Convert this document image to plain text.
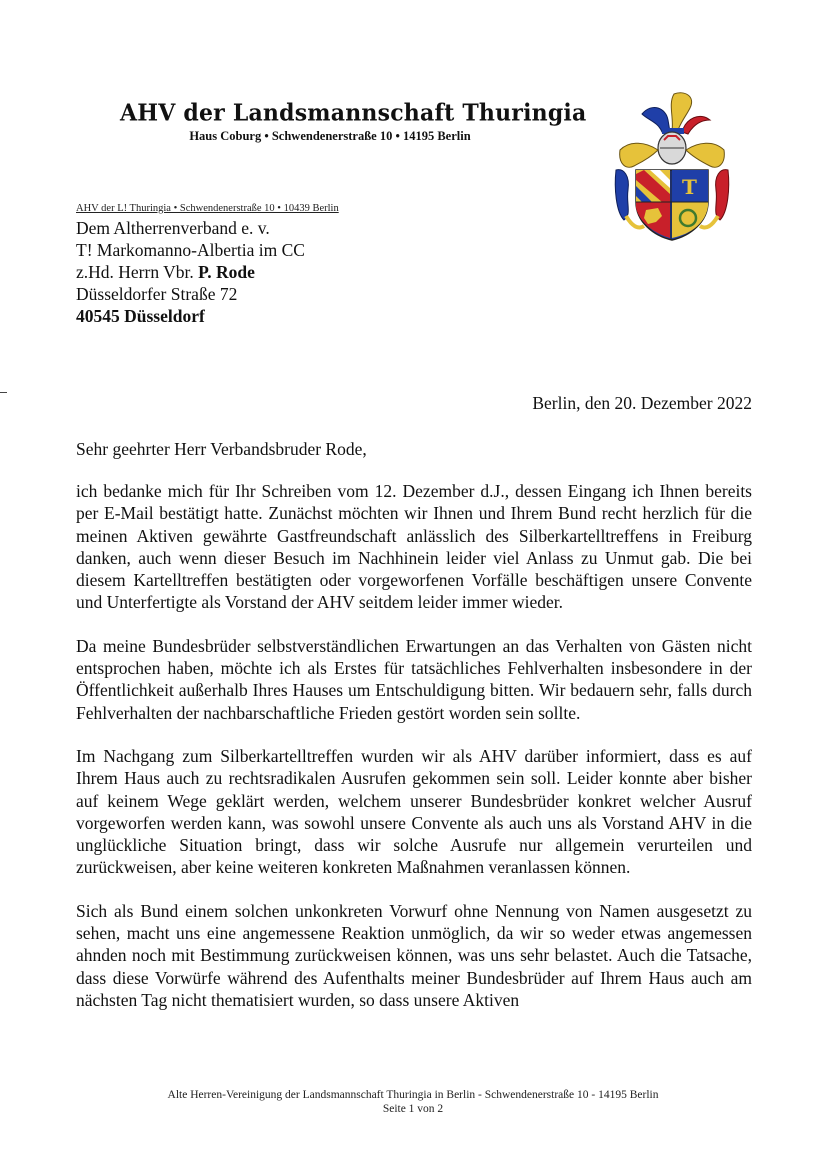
AHV der Landsmannschaft Thuringia
Haus Coburg • Schwendenerstraße 10 • 14195 Berlin
T
AHV der L! Thuringia • Schwendenerstraße 10 • 10439 Berlin
Dem Altherrenverband e. v.
T! Markomanno-Albertia im CC
z.Hd. Herrn Vbr. P. Rode
Düsseldorfer Straße 72
40545 Düsseldorf
Berlin, den 20. Dezember 2022
Sehr geehrter Herr Verbandsbruder Rode,

ich bedanke mich für Ihr Schreiben vom 12. Dezember d.J., dessen Eingang ich Ihnen bereits per E-Mail bestätigt hatte. Zunächst möchten wir Ihnen und Ihrem Bund recht herzlich für die meinen Aktiven gewährte Gastfreundschaft anlässlich des Silberkartelltreffens in Freiburg danken, auch wenn dieser Besuch im Nachhinein leider viel Anlass zu Unmut gab. Die bei diesem Kartelltreffen bestätigten oder vorgeworfenen Vorfälle beschäftigen unsere Convente und Unterfertigte als Vorstand der AHV seitdem leider immer wieder.

Da meine Bundesbrüder selbstverständlichen Erwartungen an das Verhalten von Gästen nicht entsprochen haben, möchte ich als Erstes für tatsächliches Fehlverhalten insbesondere in der Öffentlichkeit außerhalb Ihres Hauses um Entschuldigung bitten. Wir bedauern sehr, falls durch Fehlverhalten der nachbarschaftliche Frieden gestört worden sein sollte.

Im Nachgang zum Silberkartelltreffen wurden wir als AHV darüber informiert, dass es auf Ihrem Haus auch zu rechtsradikalen Ausrufen gekommen sein soll. Leider konnte aber bisher auf keinem Wege geklärt werden, welchem unserer Bundesbrüder konkret welcher Ausruf vorgeworfen werden kann, was sowohl unsere Convente als auch uns als Vorstand AHV in die unglückliche Situation bringt, dass wir solche Ausrufe nur allgemein verurteilen und zurückweisen, aber keine weiteren konkreten Maßnahmen veranlassen können.

Sich als Bund einem solchen unkonkreten Vorwurf ohne Nennung von Namen ausgesetzt zu sehen, macht uns eine angemessene Reaktion unmöglich, da wir so weder etwas angemessen ahnden noch mit Bestimmung zurückweisen können, was uns sehr belastet. Auch die Tatsache, dass diese Vorwürfe während des Aufenthalts meiner Bundesbrüder auf Ihrem Haus auch am nächsten Tag nicht thematisiert wurden, so dass unsere Aktiven

Alte Herren-Vereinigung der Landsmannschaft Thuringia in Berlin - Schwendenerstraße 10 - 14195 Berlin
Seite 1 von 2
